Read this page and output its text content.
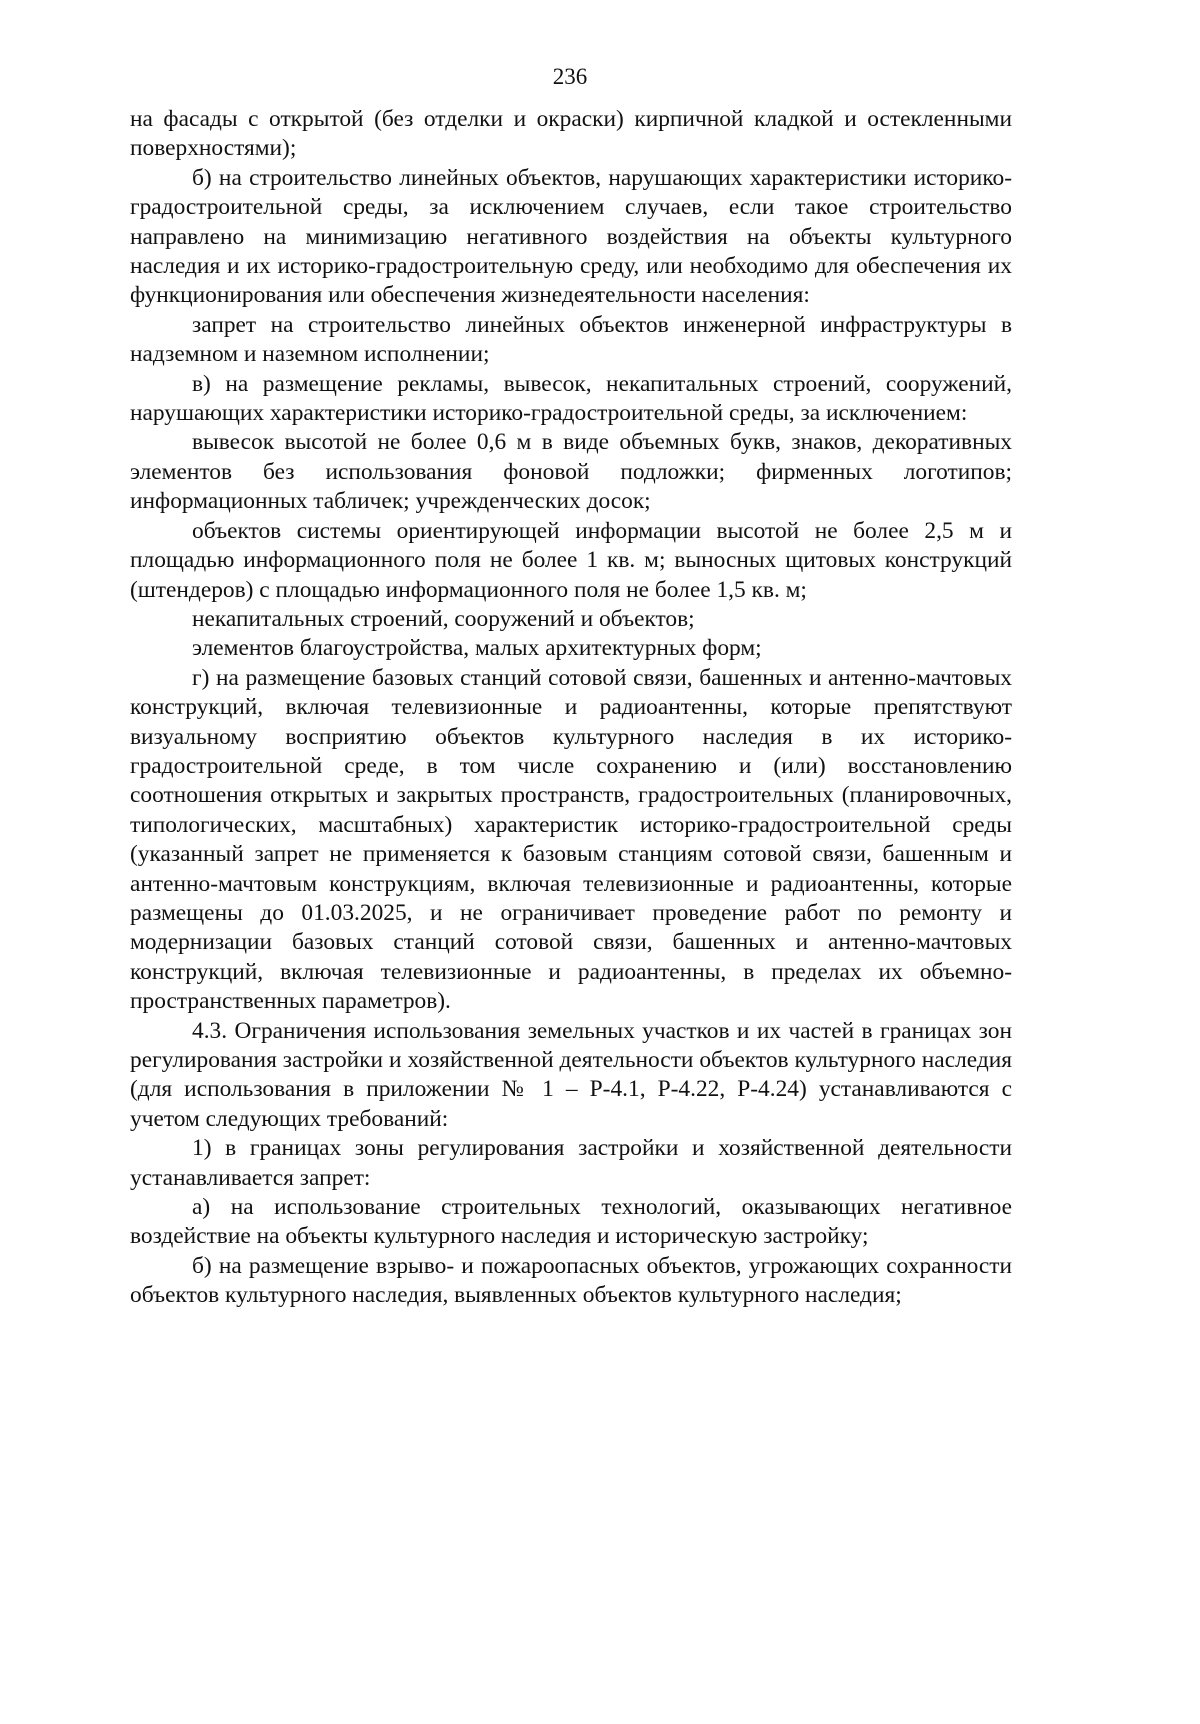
236

на фасады с открытой (без отделки и окраски) кирпичной кладкой и остекленными поверхностями);

б) на строительство линейных объектов, нарушающих характеристики историко-градостроительной среды, за исключением случаев, если такое строительство направлено на минимизацию негативного воздействия на объекты культурного наследия и их историко-градостроительную среду, или необходимо для обеспечения их функционирования или обеспечения жизнедеятельности населения:

запрет на строительство линейных объектов инженерной инфраструктуры в надземном и наземном исполнении;

в) на размещение рекламы, вывесок, некапитальных строений, сооружений, нарушающих характеристики историко-градостроительной среды, за исключением:

вывесок высотой не более 0,6 м в виде объемных букв, знаков, декоративных элементов без использования фоновой подложки; фирменных логотипов; информационных табличек; учрежденческих досок;

объектов системы ориентирующей информации высотой не более 2,5 м и площадью информационного поля не более 1 кв. м; выносных щитовых конструкций (штендеров) с площадью информационного поля не более 1,5 кв. м;

некапитальных строений, сооружений и объектов;

элементов благоустройства, малых архитектурных форм;

г) на размещение базовых станций сотовой связи, башенных и антенно-мачтовых конструкций, включая телевизионные и радиоантенны, которые препятствуют визуальному восприятию объектов культурного наследия в их историко-градостроительной среде, в том числе сохранению и (или) восстановлению соотношения открытых и закрытых пространств, градостроительных (планировочных, типологических, масштабных) характеристик историко-градостроительной среды (указанный запрет не применяется к базовым станциям сотовой связи, башенным и антенно-мачтовым конструкциям, включая телевизионные и радиоантенны, которые размещены до 01.03.2025, и не ограничивает проведение работ по ремонту и модернизации базовых станций сотовой связи, башенных и антенно-мачтовых конструкций, включая телевизионные и радиоантенны, в пределах их объемно-пространственных параметров).

4.3. Ограничения использования земельных участков и их частей в границах зон регулирования застройки и хозяйственной деятельности объектов культурного наследия (для использования в приложении № 1 – Р-4.1, Р-4.22, Р-4.24) устанавливаются с учетом следующих требований:

1) в границах зоны регулирования застройки и хозяйственной деятельности устанавливается запрет:

а) на использование строительных технологий, оказывающих негативное воздействие на объекты культурного наследия и историческую застройку;

б) на размещение взрыво- и пожароопасных объектов, угрожающих сохранности объектов культурного наследия, выявленных объектов культурного наследия;
